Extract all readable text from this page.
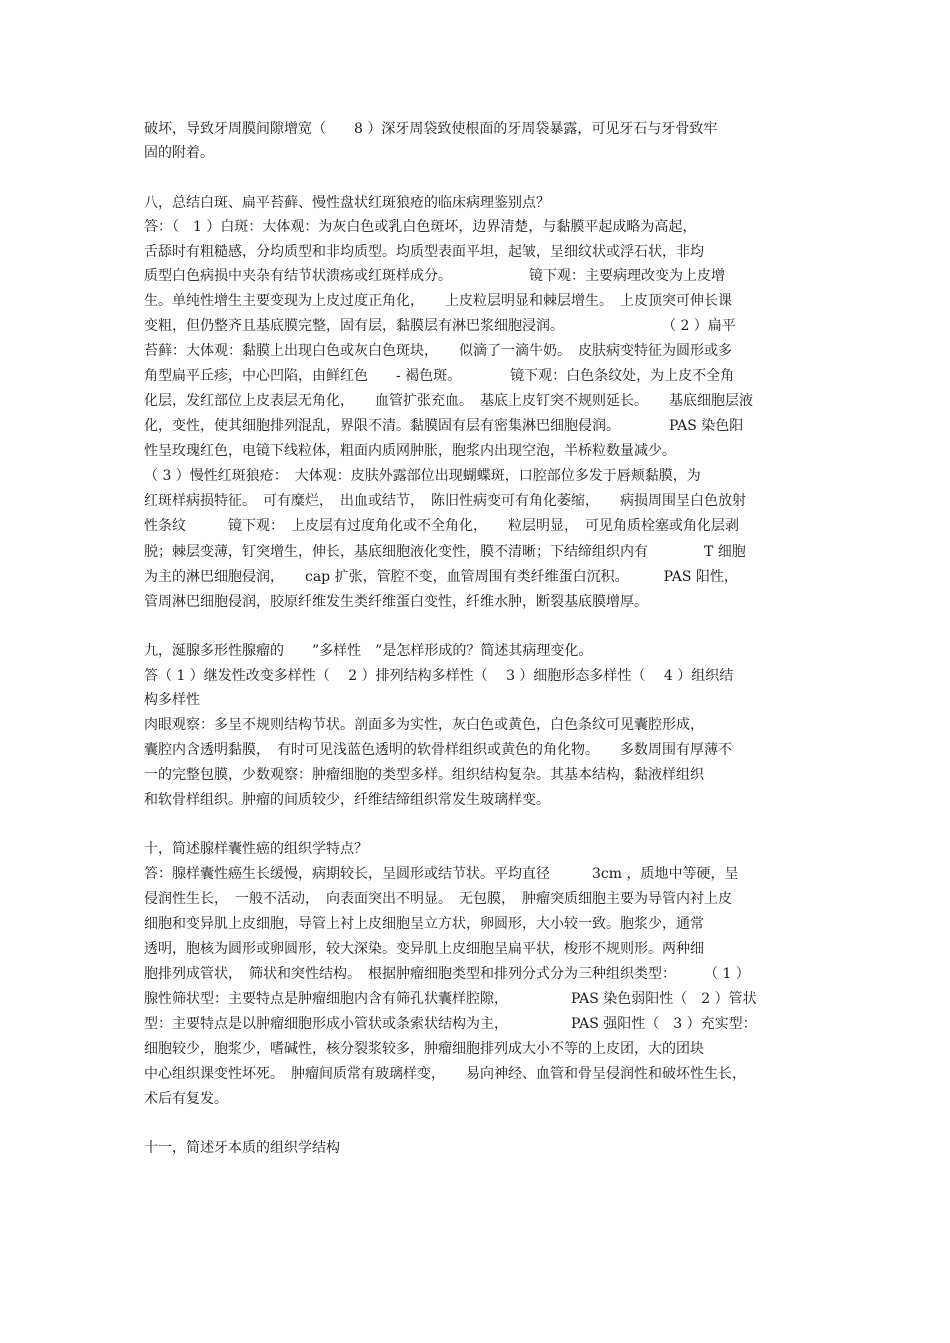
破坏，导致牙周膜间隙增宽（　　8 ）深牙周袋致使根面的牙周袋暴露，可见牙石与牙骨致牢
固的附着。
八，总结白斑、扁平苔藓、慢性盘状红斑狼疮的临床病理鉴别点？
答：（　1 ）白斑：大体观：为灰白色或乳白色斑坏，边界清楚，与黏膜平起成略为高起，
舌舔时有粗糙感，分均质型和非均质型。均质型表面平坦，起皱，呈细纹状或浮石状，非均
质型白色病损中夹杂有结节状溃疡或红斑样成分。　　　　　　镜下观：主要病理改变为上皮增
生。单纯性增生主要变现为上皮过度正角化，　　上皮粒层明显和棘层增生。　上皮顶突可伸长课
变粗，但仍整齐且基底膜完整，固有层，黏膜层有淋巴浆细胞浸润。　　　　　　　　（ 2 ）扁平
苔藓：大体观：黏膜上出现白色或灰白色斑块，　　似滴了一滴牛奶。　皮肤病变特征为圆形或多
角型扁平丘疹，中心凹陷，由鲜红色　　- 褐色斑。　　　　镜下观：白色条纹处，为上皮不全角
化层，发红部位上皮表层无角化，　　血管扩张充血。　基底上皮钉突不规则延长。　　基底细胞层液
化，变性，使其细胞排列混乱，界限不清。黏膜固有层有密集淋巴细胞侵润。　　　　PAS 染色阳
性呈玫瑰红色，电镜下线粒体，粗面内质网肿胀，胞浆内出现空泡，半桥粒数量减少。
（ 3 ）慢性红斑狼疮：　大体观：皮肤外露部位出现蝴蝶斑，口腔部位多发于唇颊黏膜，为
红斑样病损特征。　可有糜烂，　出血或结节，　陈旧性病变可有角化萎缩，　　病损周围呈白色放射
性条纹　　　镜下观：　上皮层有过度角化或不全角化，　　粒层明显，　可见角质栓塞或角化层剥
脱；棘层变薄，钉突增生，伸长，基底细胞液化变性，膜不清晰；下结缔组织内有　　　　T 细胞
为主的淋巴细胞侵润，　　cap 扩张，管腔不变，血管周围有类纤维蛋白沉积。　　　PAS 阳性，
管周淋巴细胞侵润，胶原纤维发生类纤维蛋白变性，纤维水肿，断裂基底膜增厚。
九，涎腺多形性腺瘤的　　”多样性　”是怎样形成的？简述其病理变化。
答（ 1 ）继发性改变多样性（　 2 ）排列结构多样性（　 3 ）细胞形态多样性（　 4 ）组织结
构多样性
肉眼观察：多呈不规则结构节状。剖面多为实性，灰白色或黄色，白色条纹可见囊腔形成，
囊腔内含透明黏膜，　有时可见浅蓝色透明的软骨样组织或黄色的角化物。　　多数周围有厚薄不
一的完整包膜，少数观察：肿瘤细胞的类型多样。组织结构复杂。其基本结构，黏液样组织
和软骨样组织。肿瘤的间质较少，纤维结缔组织常发生玻璃样变。
十，简述腺样囊性癌的组织学特点？
答：腺样囊性癌生长缓慢，病期较长，呈圆形或结节状。平均直径　　　3cm ，质地中等硬，呈
侵润性生长，　一般不活动，　向表面突出不明显。　无包膜，　肿瘤突质细胞主要为导管内衬上皮
细胞和变异肌上皮细胞，导管上衬上皮细胞呈立方状，卵圆形，大小较一致。胞浆少，通常
透明，胞核为圆形或卵圆形，较大深染。变异肌上皮细胞呈扁平状，梭形不规则形。两种细
胞排列成管状，　筛状和突性结构。　根据肿瘤细胞类型和排列分式分为三种组织类型：　　　（ 1 ）
腺性筛状型：主要特点是肿瘤细胞内含有筛孔状囊样腔隙，　　　　　PAS 染色弱阳性（　2 ）管状
型：主要特点是以肿瘤细胞形成小管状或条索状结构为主，　　　　　PAS 强阳性（　3 ）充实型：
细胞较少，胞浆少，嗜碱性，核分裂浆较多，肿瘤细胞排列成大小不等的上皮团，大的团块
中心组织课变性坏死。　肿瘤间质常有玻璃样变，　　易向神经、血管和骨呈侵润性和破坏性生长，
术后有复发。
十一，简述牙本质的组织学结构
